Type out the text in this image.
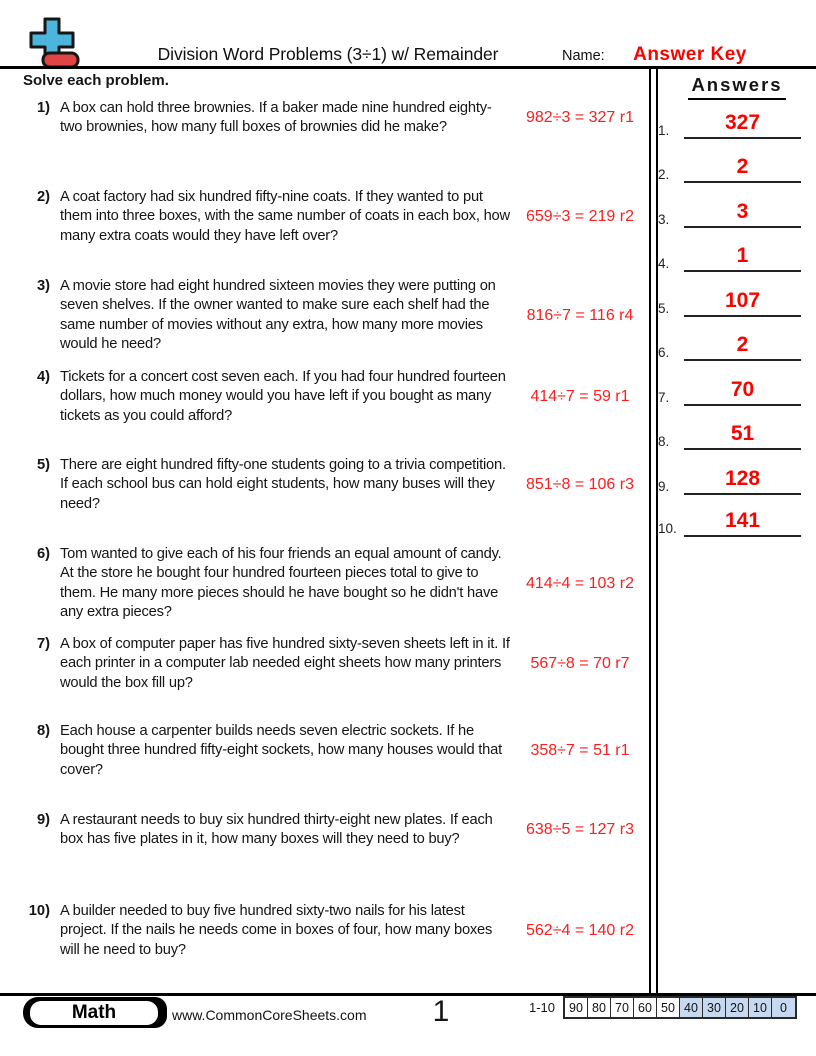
Division Word Problems (3÷1) w/ Remainder	Name:	Answer Key
Solve each problem.	Answers
1.	327
2.	2
3.	3
4.	1
5.	107
6.	2
7.	70
8.	51
9.	128
10.	141
1) A box can hold three brownies. If a baker made nine hundred eighty-two brownies, how many full boxes of brownies did he make?
982÷3 = 327 r1
2) A coat factory had six hundred fifty-nine coats. If they wanted to put them into three boxes, with the same number of coats in each box, how many extra coats would they have left over?
659÷3 = 219 r2
3) A movie store had eight hundred sixteen movies they were putting on seven shelves. If the owner wanted to make sure each shelf had the same number of movies without any extra, how many more movies would he need?
816÷7 = 116 r4
4) Tickets for a concert cost seven each. If you had four hundred fourteen dollars, how much money would you have left if you bought as many tickets as you could afford?
414÷7 = 59 r1
5) There are eight hundred fifty-one students going to a trivia competition. If each school bus can hold eight students, how many buses will they need?
851÷8 = 106 r3
6) Tom wanted to give each of his four friends an equal amount of candy. At the store he bought four hundred fourteen pieces total to give to them. He many more pieces should he have bought so he didn't have any extra pieces?
414÷4 = 103 r2
7) A box of computer paper has five hundred sixty-seven sheets left in it. If each printer in a computer lab needed eight sheets how many printers would the box fill up?
567÷8 = 70 r7
8) Each house a carpenter builds needs seven electric sockets. If he bought three hundred fifty-eight sockets, how many houses would that cover?
358÷7 = 51 r1
9) A restaurant needs to buy six hundred thirty-eight new plates. If each box has five plates in it, how many boxes will they need to buy?
638÷5 = 127 r3
10) A builder needed to buy five hundred sixty-two nails for his latest project. If the nails he needs come in boxes of four, how many boxes will he need to buy?
562÷4 = 140 r2
Math	www.CommonCoreSheets.com	1	1-10	90 80 70 60 50 40 30 20 10	0
